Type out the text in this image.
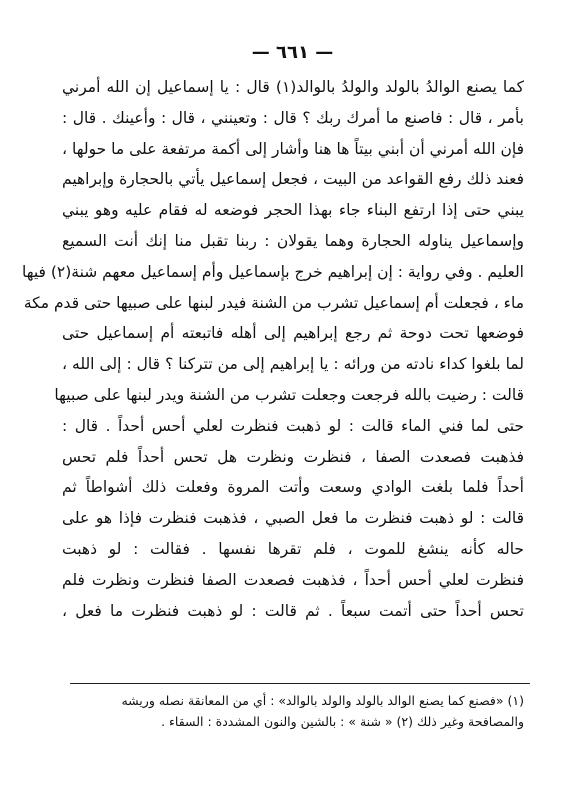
— ٦٦١ —
كما يصنع الوالدُ بالولد والولدُ بالوالد(١) قال : يا إسماعيل إن الله أمرني
بأمر ، قال : فاصنع ما أمرك ربك ؟ قال : وتعينني ، قال : وأعينك . قال :
فإن الله أمرني أن أبني بيتاً ها هنا وأشار إلى أكمة مرتفعة على ما حولها ،
فعند ذلك رفع القواعد من البيت ، فجعل إسماعيل يأتي بالحجارة وإبراهيم
يبني حتى إذا ارتفع البناء جاء بهذا الحجر فوضعه له فقام عليه وهو يبني
وإسماعيل يناوله الحجارة وهما يقولان : ربنا تقبل منا إنك أنت السميع
العليم . وفي رواية : إن إبراهيم خرج بإسماعيل وأم إسماعيل معهم شنة(٢) فيها
ماء ، فجعلت أم إسماعيل تشرب من الشنة فيدر لبنها على صبيها حتى قدم مكة
فوضعها تحت دوحة ثم رجع إبراهيم إلى أهله فاتبعته أم إسماعيل حتى
لما بلغوا كداء نادته من ورائه : يا إبراهيم إلى من تتركنا ؟ قال : إلى الله ،
قالت : رضيت بالله فرجعت وجعلت تشرب من الشنة ويدر لبنها على صبيها
حتى لما فني الماء قالت : لو ذهبت فنظرت لعلي أحس أحداً . قال :
فذهبت فصعدت الصفا ، فنظرت ونظرت هل تحس أحداً فلم تحس
أحداً فلما بلغت الوادي وسعت وأتت المروة وفعلت ذلك أشواطاً ثم
قالت : لو ذهبت فنظرت ما فعل الصبي ، فذهبت فنظرت فإذا هو على
حاله كأنه ينشغ للموت ، فلم تقرها نفسها . فقالت : لو ذهبت
فنظرت لعلي أحس أحداً ، فذهبت فصعدت الصفا فنظرت ونظرت فلم
تحس أحداً حتى أتمت سبعاً . ثم قالت : لو ذهبت فنظرت ما فعل ،
(١) «فصنع كما يصنع الوالد بالولد والولد بالوالد» : أي من المعانقة نصله وريشه
والمصافحة وغير ذلك (٢) « شنة » : بالشين والنون المشددة : السقاء .
